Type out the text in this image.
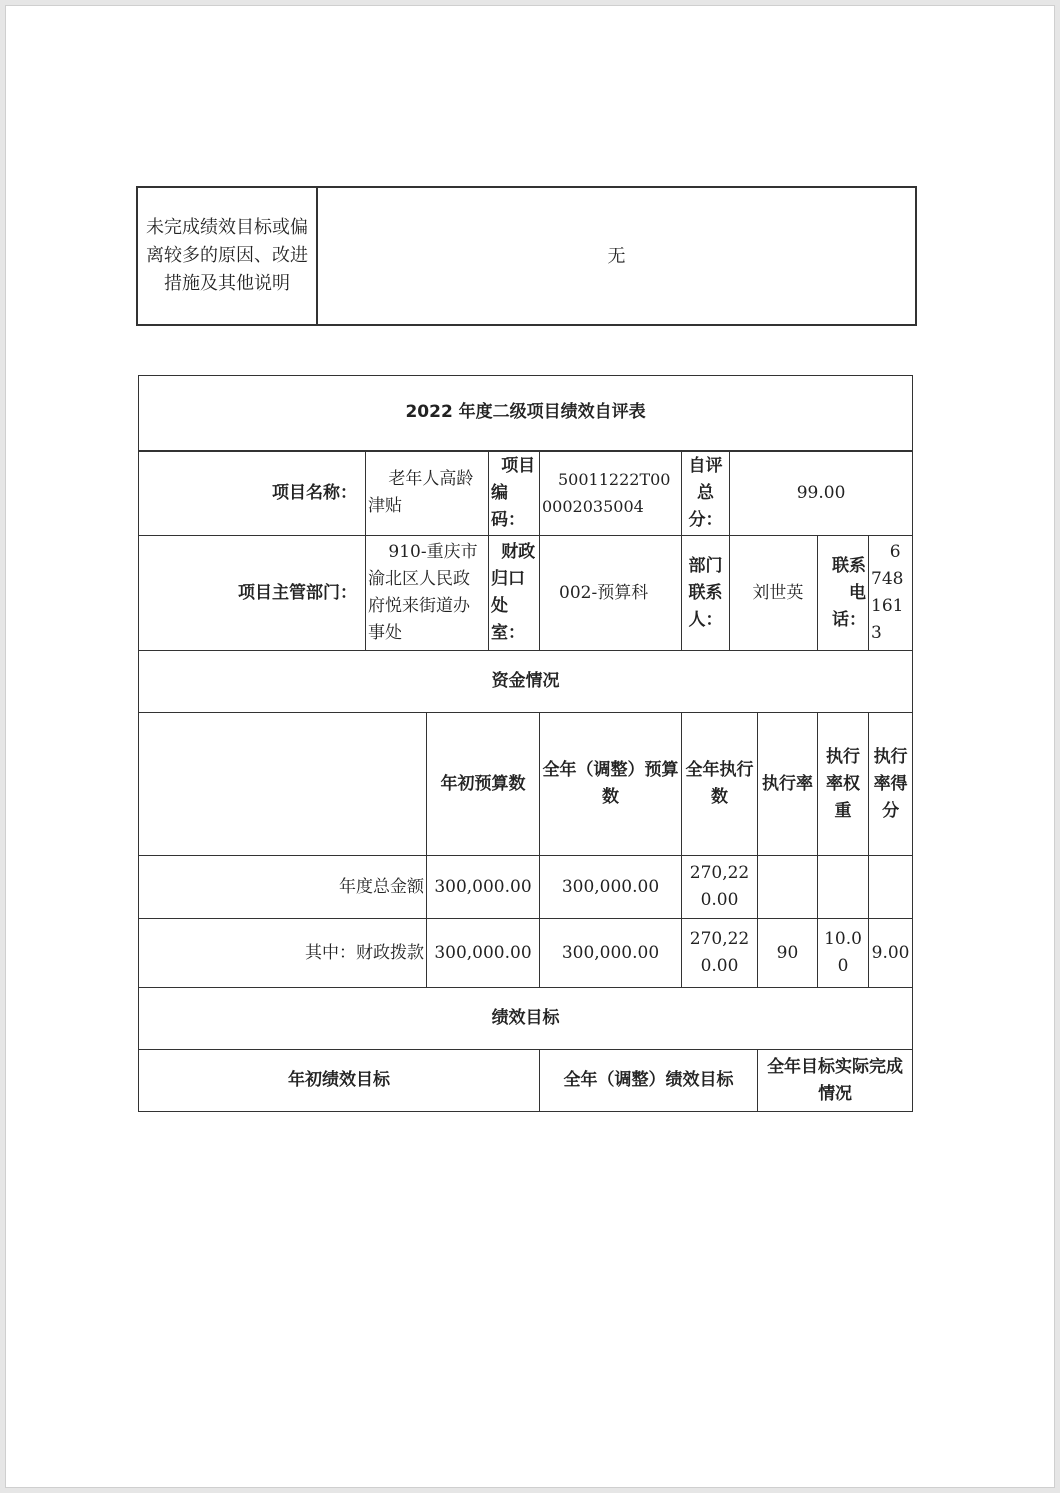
未完成绩效目标或偏离较多的原因、改进措施及其他说明	无
2022 年度二级项目绩效自评表									
项目名称：	老年人高龄津贴		项目编码：	50011222T000002035004	自评总分：	99.00			
项目主管部门：	910-重庆市渝北区人民政府悦来街道办事处		财政归口处室：	002-预算科	部门联系人：	刘世英		联系电话：	67481613
资金情况									
		年初预算数		全年（调整）预算数	全年执行数		执行率	执行率权重	执行率得分
年度总金额		300,000.00		300,000.00	270,220.00				
其中：财政拨款		300,000.00		300,000.00	270,220.00		90	10.00	9.00
绩效目标									
年初绩效目标				全年（调整）绩效目标			全年目标实际完成情况		
